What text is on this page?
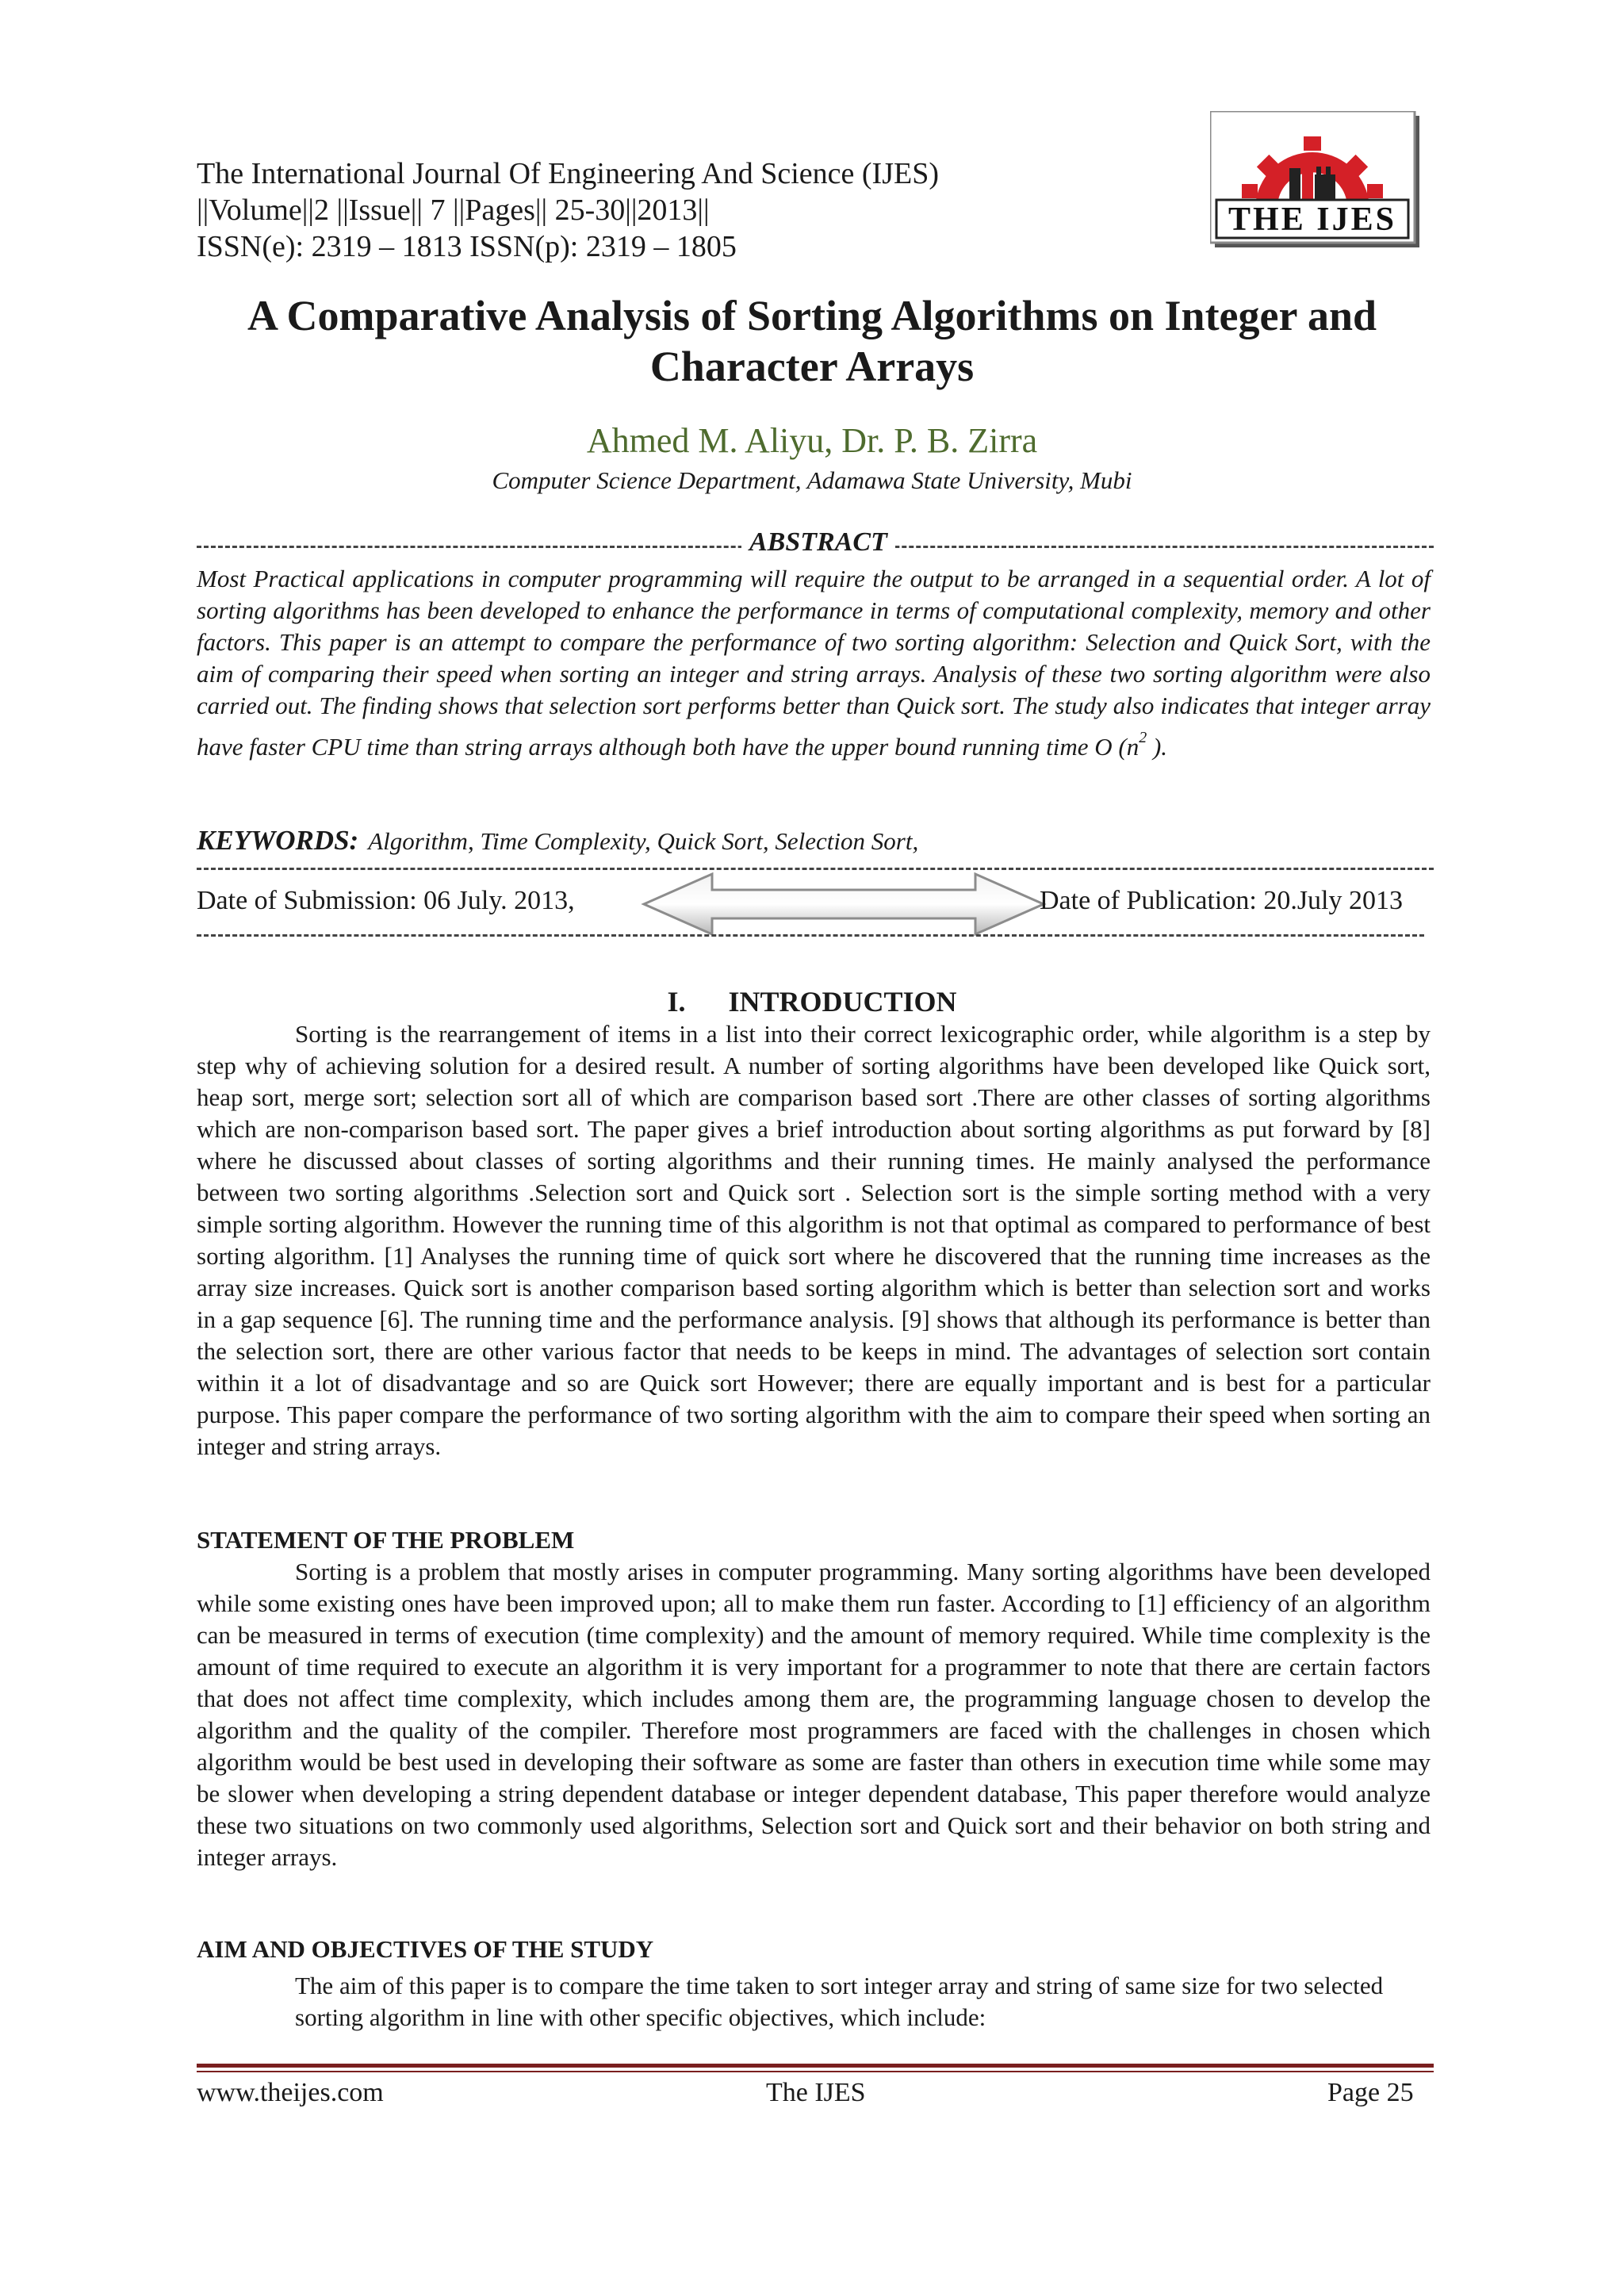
The International Journal Of Engineering And Science (IJES)
||Volume||2 ||Issue|| 7 ||Pages|| 25-30||2013||
ISSN(e): 2319 – 1813 ISSN(p): 2319 – 1805
THE IJES
A Comparative Analysis of Sorting Algorithms on Integer and Character Arrays
Ahmed M. Aliyu, Dr. P. B. Zirra
Computer Science Department, Adamawa State University, Mubi
ABSTRACT
Most Practical applications in computer programming will require the output to be arranged in a sequential order. A lot of sorting algorithms has been developed to enhance the performance in terms of computational complexity, memory and other factors. This paper is an attempt to compare the performance of two sorting algorithm: Selection and Quick Sort, with the aim of comparing their speed when sorting an integer and string arrays. Analysis of these two sorting algorithm were also carried out. The finding shows that selection sort performs better than Quick sort. The study also indicates that integer array have faster CPU time than string arrays although both have the upper bound running time O ($n^2$ ).
KEYWORDS: Algorithm, Time Complexity, Quick Sort, Selection Sort,
Date of Submission: 06 July. 2013,	Date of Publication: 20.July 2013
I. INTRODUCTION
Sorting is the rearrangement of items in a list into their correct lexicographic order, while algorithm is a step by step why of achieving solution for a desired result. A number of sorting algorithms have been developed like Quick sort, heap sort, merge sort; selection sort all of which are comparison based sort .There are other classes of sorting algorithms which are non-comparison based sort. The paper gives a brief introduction about sorting algorithms as put forward by [8] where he discussed about classes of sorting algorithms and their running times. He mainly analysed the performance between two sorting algorithms .Selection sort and Quick sort . Selection sort is the simple sorting method with a very simple sorting algorithm. However the running time of this algorithm is not that optimal as compared to performance of best sorting algorithm. [1] Analyses the running time of quick sort where he discovered that the running time increases as the array size increases. Quick sort is another comparison based sorting algorithm which is better than selection sort and works in a gap sequence [6]. The running time and the performance analysis. [9] shows that although its performance is better than the selection sort, there are other various factor that needs to be keeps in mind. The advantages of selection sort contain within it a lot of disadvantage and so are Quick sort However; there are equally important and is best for a particular purpose. This paper compare the performance of two sorting algorithm with the aim to compare their speed when sorting an integer and string arrays.
STATEMENT OF THE PROBLEM
Sorting is a problem that mostly arises in computer programming. Many sorting algorithms have been developed while some existing ones have been improved upon; all to make them run faster. According to [1] efficiency of an algorithm can be measured in terms of execution (time complexity) and the amount of memory required. While time complexity is the amount of time required to execute an algorithm it is very important for a programmer to note that there are certain factors that does not affect time complexity, which includes among them are, the programming language chosen to develop the algorithm and the quality of the compiler. Therefore most programmers are faced with the challenges in chosen which algorithm would be best used in developing their software as some are faster than others in execution time while some may be slower when developing a string dependent database or integer dependent database, This paper therefore would analyze these two situations on two commonly used algorithms, Selection sort and Quick sort and their behavior on both string and integer arrays.
AIM AND OBJECTIVES OF THE STUDY
The aim of this paper is to compare the time taken to sort integer array and string of same size for two selected sorting algorithm in line with other specific objectives, which include:
www.theijes.com	The IJES	Page 25
